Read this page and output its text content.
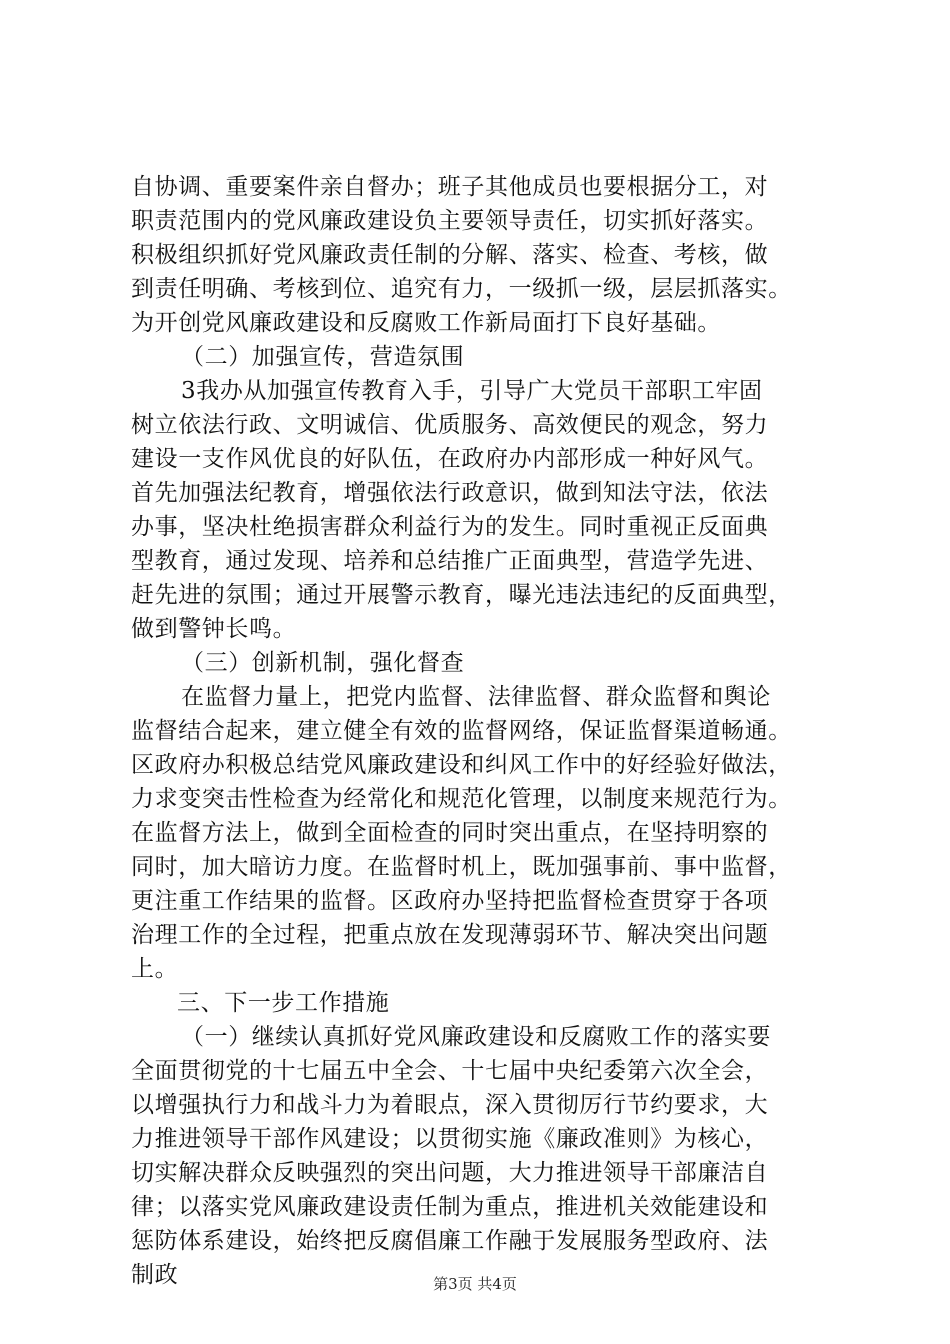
自协调、重要案件亲自督办；班子其他成员也要根据分工，对
职责范围内的党风廉政建设负主要领导责任，切实抓好落实。
积极组织抓好党风廉政责任制的分解、落实、检查、考核，做
到责任明确、考核到位、追究有力，一级抓一级，层层抓落实。
为开创党风廉政建设和反腐败工作新局面打下良好基础。
（二）加强宣传，营造氛围
3我办从加强宣传教育入手，引导广大党员干部职工牢固
树立依法行政、文明诚信、优质服务、高效便民的观念，努力
建设一支作风优良的好队伍，在政府办内部形成一种好风气。
首先加强法纪教育，增强依法行政意识，做到知法守法，依法
办事，坚决杜绝损害群众利益行为的发生。同时重视正反面典
型教育，通过发现、培养和总结推广正面典型，营造学先进、
赶先进的氛围；通过开展警示教育，曝光违法违纪的反面典型，
做到警钟长鸣。
（三）创新机制，强化督查
在监督力量上，把党内监督、法律监督、群众监督和舆论
监督结合起来，建立健全有效的监督网络，保证监督渠道畅通。
区政府办积极总结党风廉政建设和纠风工作中的好经验好做法，
力求变突击性检查为经常化和规范化管理，以制度来规范行为。
在监督方法上，做到全面检查的同时突出重点，在坚持明察的
同时，加大暗访力度。在监督时机上，既加强事前、事中监督，
更注重工作结果的监督。区政府办坚持把监督检查贯穿于各项
治理工作的全过程，把重点放在发现薄弱环节、解决突出问题
上。
三、下一步工作措施
（一）继续认真抓好党风廉政建设和反腐败工作的落实要
全面贯彻党的十七届五中全会、十七届中央纪委第六次全会，
以增强执行力和战斗力为着眼点，深入贯彻厉行节约要求，大
力推进领导干部作风建设；以贯彻实施《廉政准则》为核心，
切实解决群众反映强烈的突出问题，大力推进领导干部廉洁自
律；以落实党风廉政建设责任制为重点，推进机关效能建设和
惩防体系建设，始终把反腐倡廉工作融于发展服务型政府、法
制政	第3页 共4页
